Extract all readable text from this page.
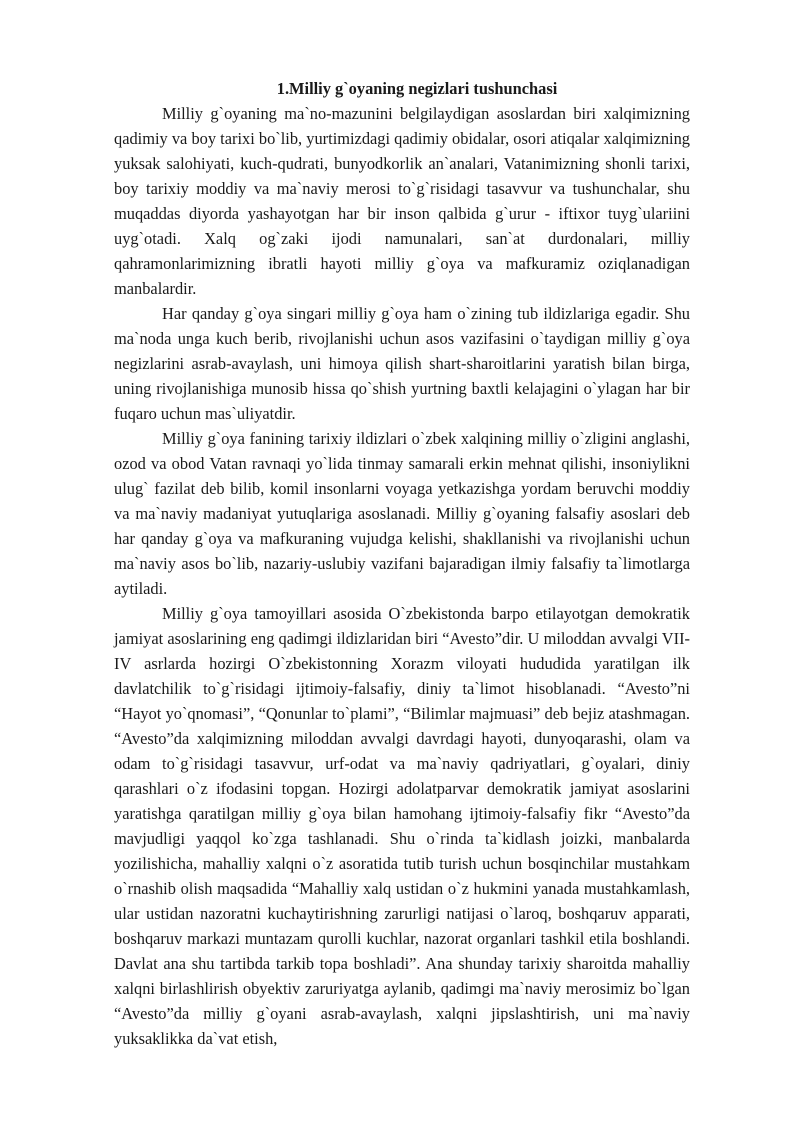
1.Milliy g`oyaning negizlari tushunchasi

Milliy g`oyaning ma`no-mazunini belgilaydigan asoslardan biri xalqimizning qadimiy va boy tarixi bo`lib, yurtimizdagi qadimiy obidalar, osori atiqalar xalqimizning yuksak salohiyati, kuch-qudrati, bunyodkorlik an`analari, Vatanimizning shonli tarixi, boy tarixiy moddiy va ma`naviy merosi to`g`risidagi tasavvur va tushunchalar, shu muqaddas diyorda yashayotgan har bir inson qalbida g`urur - iftixor tuyg`ulariini uyg`otadi. Xalq og`zaki ijodi namunalari, san`at durdonalari, milliy qahramonlarimizning ibratli hayoti milliy g`oya va mafkuramiz oziqlanadigan manbalardir.

Har qanday g`oya singari milliy g`oya ham o`zining tub ildizlariga egadir. Shu ma`noda unga kuch berib, rivojlanishi uchun asos vazifasini o`taydigan milliy g`oya negizlarini asrab-avaylash, uni himoya qilish shart-sharoitlarini yaratish bilan birga, uning rivojlanishiga munosib hissa qo`shish yurtning baxtli kelajagini o`ylagan har bir fuqaro uchun mas`uliyatdir.

Milliy g`oya fanining tarixiy ildizlari o`zbek xalqining milliy o`zligini anglashi, ozod va obod Vatan ravnaqi yo`lida tinmay samarali erkin mehnat qilishi, insoniylikni ulug` fazilat deb bilib, komil insonlarni voyaga yetkazishga yordam beruvchi moddiy va ma`naviy madaniyat yutuqlariga asoslanadi. Milliy g`oyaning falsafiy asoslari deb har qanday g`oya va mafkuraning vujudga kelishi, shakllanishi va rivojlanishi uchun ma`naviy asos bo`lib, nazariy-uslubiy vazifani bajaradigan ilmiy falsafiy ta`limotlarga aytiladi.

Milliy g`oya tamoyillari asosida O`zbekistonda barpo etilayotgan demokratik jamiyat asoslarining eng qadimgi ildizlaridan biri “Avesto”dir. U miloddan avvalgi VII-IV asrlarda hozirgi O`zbekistonning Xorazm viloyati hududida yaratilgan ilk davlatchilik to`g`risidagi ijtimoiy-falsafiy, diniy ta`limot hisoblanadi. “Avesto”ni “Hayot yo`qnomasi”, “Qonunlar to`plami”, “Bilimlar majmuasi” deb bejiz atashmagan. “Avesto”da xalqimizning miloddan avvalgi davrdagi hayoti, dunyoqarashi, olam va odam to`g`risidagi tasavvur, urf-odat va ma`naviy qadriyatlari, g`oyalari, diniy qarashlari o`z ifodasini topgan. Hozirgi adolatparvar demokratik jamiyat asoslarini yaratishga qaratilgan milliy g`oya bilan hamohang ijtimoiy-falsafiy fikr “Avesto”da mavjudligi yaqqol ko`zga tashlanadi. Shu o`rinda ta`kidlash joizki, manbalarda yozilishicha, mahalliy xalqni o`z asoratida tutib turish uchun bosqinchilar mustahkam o`rnashib olish maqsadida “Mahalliy xalq ustidan o`z hukmini yanada mustahkamlash, ular ustidan nazoratni kuchaytirishning zarurligi natijasi o`laroq, boshqaruv apparati, boshqaruv markazi muntazam qurolli kuchlar, nazorat organlari tashkil etila boshlandi. Davlat ana shu tartibda tarkib topa boshladi”. Ana shunday tarixiy sharoitda mahalliy xalqni birlashlirish obyektiv zaruriyatga aylanib, qadimgi ma`naviy merosimiz bo`lgan “Avesto”da milliy g`oyani asrab-avaylash, xalqni jipslashtirish, uni ma`naviy yuksaklikka da`vat etish,
